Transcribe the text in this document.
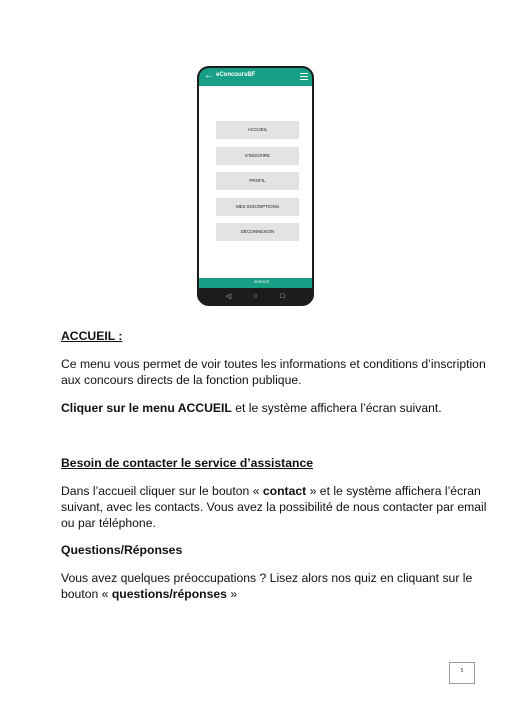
ACCUEIL
S'INSCRIRE
PROFIL
MES INSCRIPTIONS
DÉCONNEXION
← eConcoursBF
SERVICE
◁	○	□
ACCUEIL :
Ce menu vous permet de voir toutes les informations et conditions d’inscription
aux concours directs de la fonction publique.
Cliquer sur le menu ACCUEIL et le système affichera l’écran suivant.
Besoin de contacter le service d’assistance
Dans l’accueil cliquer sur le bouton « contact » et le système affichera l’écran
suivant, avec les contacts. Vous avez la possibilité de nous contacter par email
ou par téléphone.
Questions/Réponses
Vous avez quelques préoccupations ? Lisez alors nos quiz en cliquant sur le
bouton « questions/réponses »
5
